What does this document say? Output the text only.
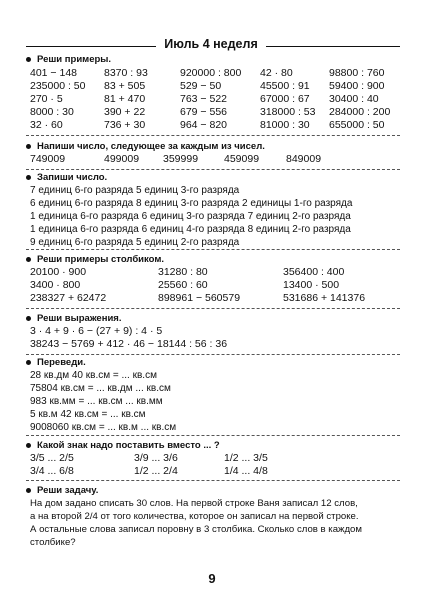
Июль 4 неделя
Реши примеры.
401 − 148
235000 : 50
270 · 5
8000 : 30
32 · 60
8370 : 93
83 + 505
81 + 470
390 + 22
736 + 30
920000 : 800
529 − 50
763 − 522
679 − 556
964 − 820
42 · 80
45500 : 91
67000 : 67
318000 : 53
81000 : 30
98800 : 760
59400 : 900
30400 : 40
284000 : 200
655000 : 50
Напиши число, следующее за каждым из чисел.
749009	499009 359999 459099	849009
Запиши число.
7 единиц 6-го разряда 5 единиц 3-го разряда
6 единиц 6-го разряда 8 единиц 3-го разряда 2 единицы 1-го разряда
1 единица 6-го разряда 6 единиц 3-го разряда 7 единиц 2-го разряда
1 единица 6-го разряда 6 единиц 4-го разряда 8 единиц 2-го разряда
9 единиц 6-го разряда 5 единиц 2-го разряда
Реши примеры столбиком.
20100 · 900
3400 · 800
238327 + 62472
31280 : 80
25560 : 60
898961 − 560579
356400 : 400
13400 · 500
531686 + 141376
Реши выражения.
3 · 4 + 9 · 6 − (27 + 9) : 4 · 5
38243 − 5769 + 412 · 46 − 18144 : 56 : 36
Переведи.
28 кв.дм 40 кв.см = ... кв.см
75804 кв.см = ... кв.дм ... кв.см
983 кв.мм = ... кв.см ... кв.мм
5 кв.м 42 кв.см = ... кв.см
9008060 кв.см = ... кв.м ... кв.см
Какой знак надо поставить вместо ... ?
3/5 ... 2/5
3/4 ... 6/8
3/9 ... 3/6
1/2 ... 2/4
1/2 ... 3/5
1/4 ... 4/8
Реши задачу.
На дом задано списать 30 слов. На первой строке Ваня записал 12 слов,
а на второй 2/4 от того количества, которое он записал на первой строке.
А остальные слова записал поровну в 3 столбика. Сколько слов в каждом
столбике?
9
